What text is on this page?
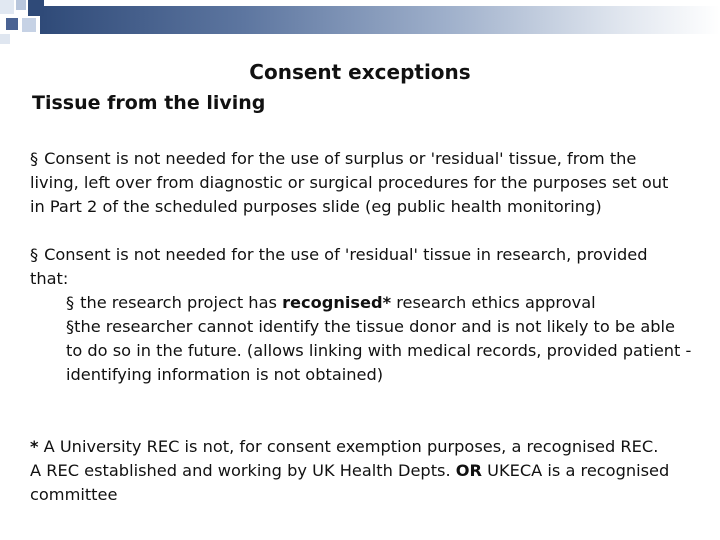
Consent exceptions
Tissue from the living

§ Consent is not needed for the use of surplus or 'residual' tissue, from the living, left over from diagnostic or surgical procedures for the purposes set out in Part 2 of the scheduled purposes slide (eg public health monitoring)

§ Consent is not needed for the use of 'residual' tissue in research, provided that:

§ the research project has recognised* research ethics approval

§the researcher cannot identify the tissue donor and is not likely to be able to do so in the future. (allows linking with medical records, provided patient -identifying information is not obtained)

* A University REC is not, for consent exemption purposes, a recognised REC.
A REC established and working by UK Health Depts. OR UKECA is a recognised committee
